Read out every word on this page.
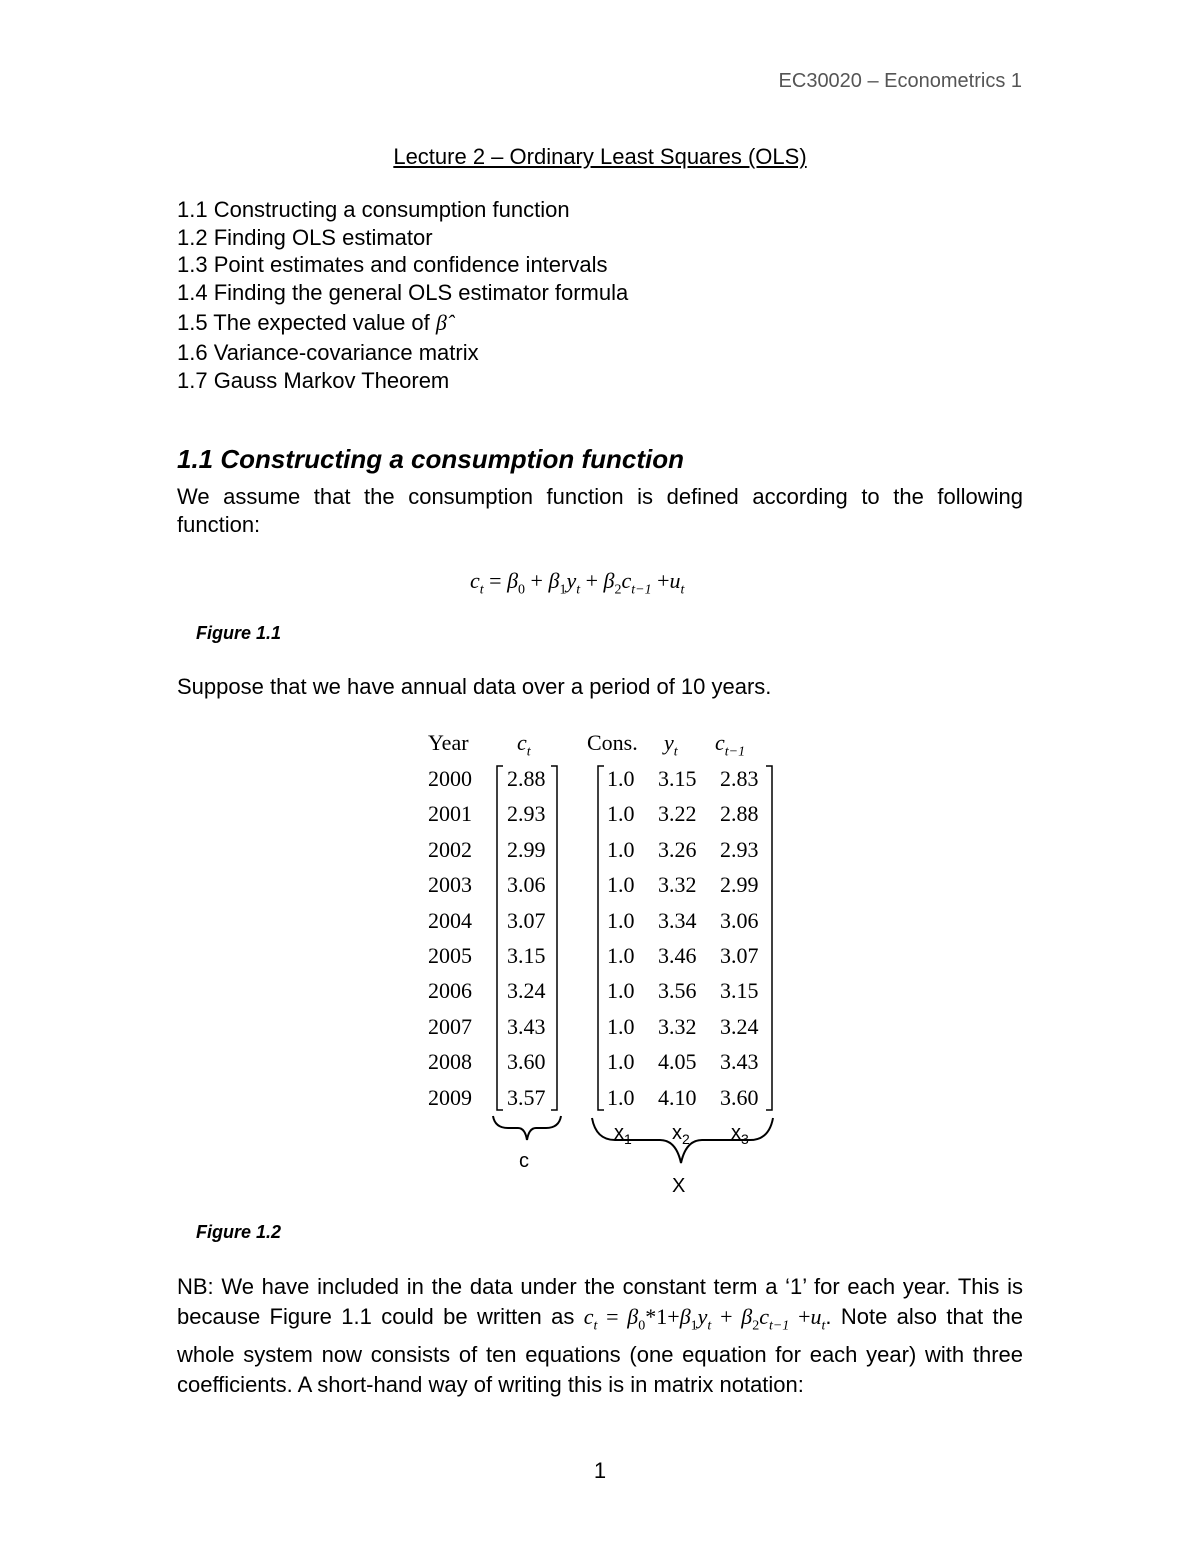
EC30020 – Econometrics 1
Lecture 2 – Ordinary Least Squares (OLS)
1.1 Constructing a consumption function
1.2 Finding OLS estimator
1.3 Point estimates and confidence intervals
1.4 Finding the general OLS estimator formula
1.5 The expected value of β̂
1.6 Variance-covariance matrix
1.7 Gauss Markov Theorem
1.1 Constructing a consumption function
We assume that the consumption function is defined according to the following function:
$c_t = \beta_0 + \beta_1y_t + \beta_2c_{t-1} +u_t$
Figure 1.1
Suppose that we have annual data over a period of 10 years.
Year $c_t$	Cons. $y_t$ $c_{t-1}$
2000 2.88	1.0 3.15 2.83
2001 2.93	1.0 3.22 2.88
2002 2.99	1.0 3.26 2.93
2003 3.06	1.0 3.32 2.99
2004 3.07	1.0 3.34 3.06
2005 3.15	1.0 3.46 3.07
2006 3.24	1.0 3.56 3.15
2007 3.43	1.0 3.32 3.24
2008 3.60	1.0 4.05 3.43
2009 3.57	1.0 4.10 3.60
$x_1$ $x_2$ $x_3$
c
X
Figure 1.2
NB: We have included in the data under the constant term a ‘1’ for each year. This is because Figure 1.1 could be written as $c_t = \beta_0*1+\beta_1y_t + \beta_2c_{t-1} +u_t$. Note also that the whole system now consists of ten equations (one equation for each year) with three coefficients. A short-hand way of writing this is in matrix notation:
1
